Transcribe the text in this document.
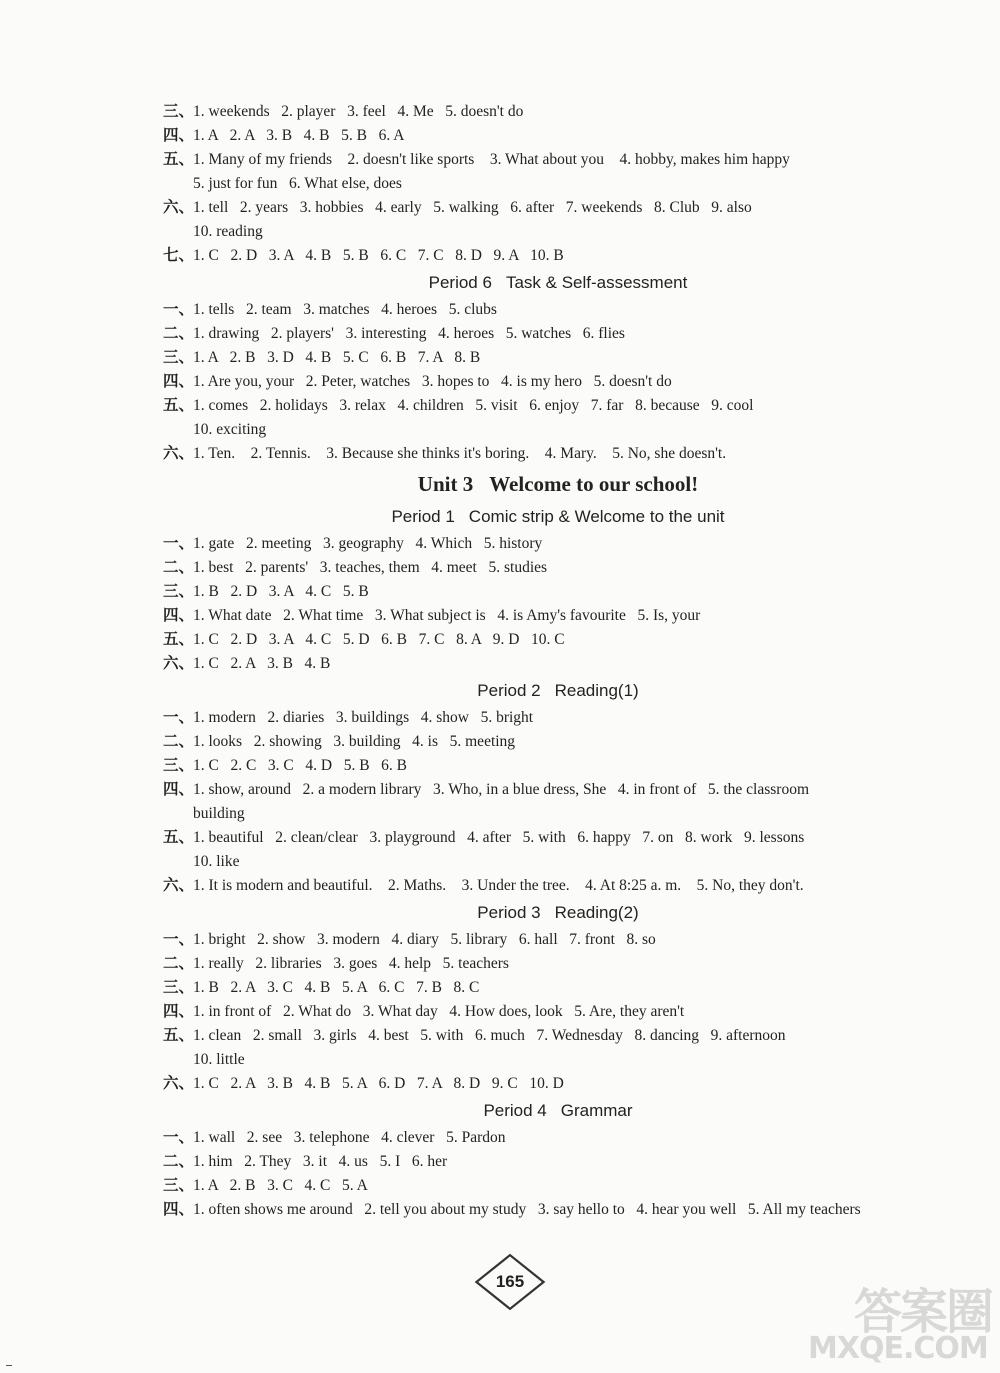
三、
1. weekends   2. player   3. feel   4. Me   5. doesn't do
四、
1. A   2. A   3. B   4. B   5. B   6. A
五、
1. Many of my friends    2. doesn't like sports    3. What about you    4. hobby, makes him happy
5. just for fun   6. What else, does
六、
1. tell   2. years   3. hobbies   4. early   5. walking   6. after   7. weekends   8. Club   9. also
10. reading
七、
1. C   2. D   3. A   4. B   5. B   6. C   7. C   8. D   9. A   10. B
Period 6 Task & Self-assessment
一、
1. tells   2. team   3. matches   4. heroes   5. clubs
二、
1. drawing   2. players'   3. interesting   4. heroes   5. watches   6. flies
三、
1. A   2. B   3. D   4. B   5. C   6. B   7. A   8. B
四、
1. Are you, your   2. Peter, watches   3. hopes to   4. is my hero   5. doesn't do
五、
1. comes   2. holidays   3. relax   4. children   5. visit   6. enjoy   7. far   8. because   9. cool
10. exciting
六、
1. Ten.    2. Tennis.    3. Because she thinks it's boring.    4. Mary.    5. No, she doesn't.
Unit 3 Welcome to our school!
Period 1 Comic strip & Welcome to the unit
一、
1. gate   2. meeting   3. geography   4. Which   5. history
二、
1. best   2. parents'   3. teaches, them   4. meet   5. studies
三、
1. B   2. D   3. A   4. C   5. B
四、
1. What date   2. What time   3. What subject is   4. is Amy's favourite   5. Is, your
五、
1. C   2. D   3. A   4. C   5. D   6. B   7. C   8. A   9. D   10. C
六、
1. C   2. A   3. B   4. B
Period 2 Reading(1)
一、
1. modern   2. diaries   3. buildings   4. show   5. bright
二、
1. looks   2. showing   3. building   4. is   5. meeting
三、
1. C   2. C   3. C   4. D   5. B   6. B
四、
1. show, around   2. a modern library   3. Who, in a blue dress, She   4. in front of   5. the classroom
building
五、
1. beautiful   2. clean/clear   3. playground   4. after   5. with   6. happy   7. on   8. work   9. lessons
10. like
六、
1. It is modern and beautiful.    2. Maths.    3. Under the tree.    4. At 8:25 a. m.    5. No, they don't.
Period 3 Reading(2)
一、
1. bright   2. show   3. modern   4. diary   5. library   6. hall   7. front   8. so
二、
1. really   2. libraries   3. goes   4. help   5. teachers
三、
1. B   2. A   3. C   4. B   5. A   6. C   7. B   8. C
四、
1. in front of   2. What do   3. What day   4. How does, look   5. Are, they aren't
五、
1. clean   2. small   3. girls   4. best   5. with   6. much   7. Wednesday   8. dancing   9. afternoon
10. little
六、
1. C   2. A   3. B   4. B   5. A   6. D   7. A   8. D   9. C   10. D
Period 4 Grammar
一、
1. wall   2. see   3. telephone   4. clever   5. Pardon
二、
1. him   2. They   3. it   4. us   5. I   6. her
三、
1. A   2. B   3. C   4. C   5. A
四、
1. often shows me around   2. tell you about my study   3. say hello to   4. hear you well   5. All my teachers
165
答案圈
MXQE.COM
